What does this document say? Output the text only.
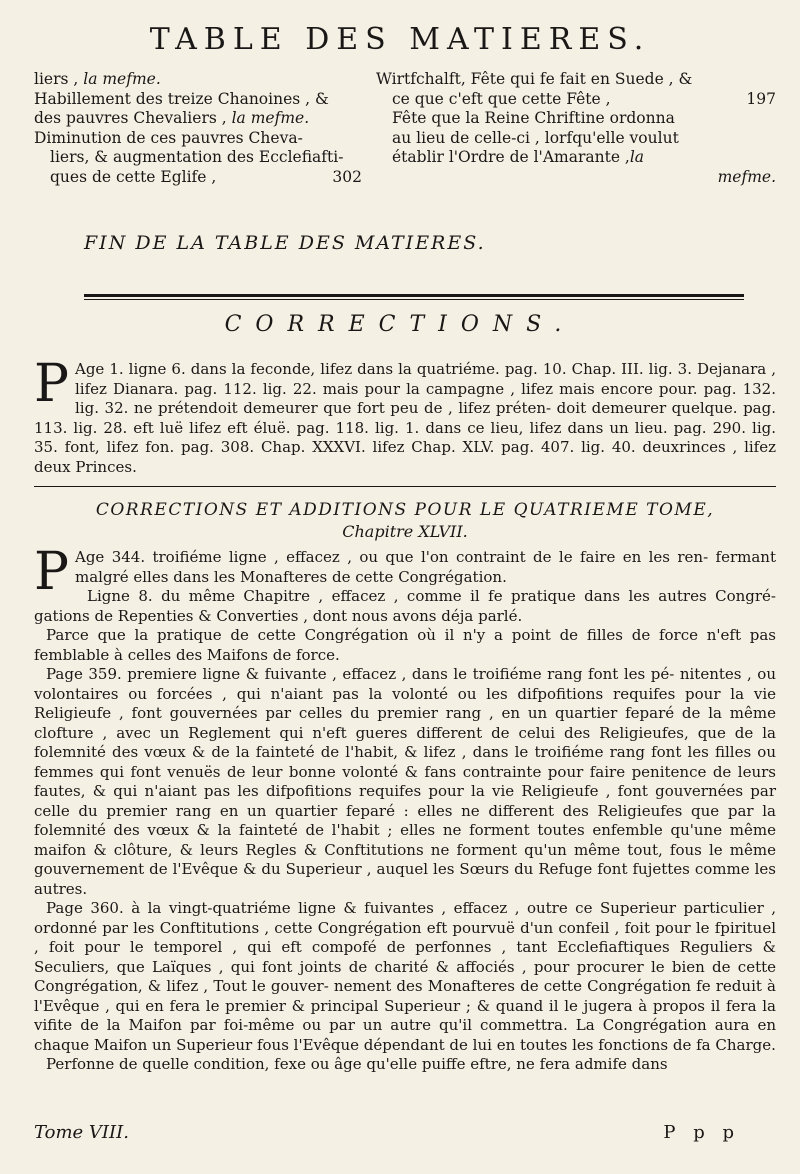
TABLE DES MATIERES.
liers , la mefme.
Habillement des treize Chanoines , &
des pauvres Chevaliers , la mefme.
Diminution de ces pauvres Cheva-
liers, & augmentation des Ecclefiafti-
302
ques de cette Eglife ,
Wirtfchalft, Fête qui fe fait en Suede , &
197
ce que c'eft que cette Fête ,
Fête que la Reine Chriftine ordonna
au lieu de celle-ci , lorfqu'elle voulut
établir l'Ordre de l'Amarante ,la
mefme.
FIN DE LA TABLE DES MATIERES.
CORRECTIONS.

P Age 1. ligne 6. dans la feconde, lifez dans la quatriéme. pag. 10. Chap. III. lig. 3. Dejanara , lifez Dianara. pag. 112. lig. 22. mais pour la campagne , lifez mais encore pour. pag. 132. lig. 32. ne prétendoit demeurer que fort peu de , lifez préten- doit demeurer quelque. pag. 113. lig. 28. eft luë lifez eft éluë. pag. 118. lig. 1. dans ce lieu, lifez dans un lieu. pag. 290. lig. 35. font, lifez fon. pag. 308. Chap. XXXVI. lifez Chap. XLV. pag. 407. lig. 40. deuxrinces , lifez deux Princes.

CORRECTIONS ET ADDITIONS POUR LE QUATRIEME TOME,
Chapitre XLVII.

P Age 344. troifiéme ligne , effacez , ou que l'on contraint de le faire en les ren- fermant malgré elles dans les Monafteres de cette Congrégation.

Ligne 8. du même Chapitre , effacez , comme il fe pratique dans les autres Congré- gations de Repenties & Converties , dont nous avons déja parlé.

Parce que la pratique de cette Congrégation où il n'y a point de filles de force n'eft pas femblable à celles des Maifons de force.

Page 359. premiere ligne & fuivante , effacez , dans le troifiéme rang font les pé- nitentes , ou volontaires ou forcées , qui n'aiant pas la volonté ou les difpofitions requifes pour la vie Religieufe , font gouvernées par celles du premier rang , en un quartier feparé de la même clofture , avec un Reglement qui n'eft gueres different de celui des Religieufes, que de la folemnité des vœux & de la fainteté de l'habit, & lifez , dans le troifiéme rang font les filles ou femmes qui font venuës de leur bonne volonté & fans contrainte pour faire penitence de leurs fautes, & qui n'aiant pas les difpofitions requifes pour la vie Religieufe , font gouvernées par celle du premier rang en un quartier feparé : elles ne different des Religieufes que par la folemnité des vœux & la fainteté de l'habit ; elles ne forment toutes enfemble qu'une même maifon & clôture, & leurs Regles & Conftitutions ne forment qu'un même tout, fous le même gouvernement de l'Evêque & du Superieur , auquel les Sœurs du Refuge font fujettes comme les autres.

Page 360. à la vingt-quatriéme ligne & fuivantes , effacez , outre ce Superieur particulier , ordonné par les Conftitutions , cette Congrégation eft pourvuë d'un confeil , foit pour le fpirituel , foit pour le temporel , qui eft compofé de perfonnes , tant Ecclefiaftiques Reguliers & Seculiers, que Laïques , qui font joints de charité & affociés , pour procurer le bien de cette Congrégation, & lifez , Tout le gouver- nement des Monafteres de cette Congrégation fe reduit à l'Evêque , qui en fera le premier & principal Superieur ; & quand il le jugera à propos il fera la vifite de la Maifon par foi-même ou par un autre qu'il commettra. La Congrégation aura en chaque Maifon un Superieur fous l'Evêque dépendant de lui en toutes les fonctions de fa Charge.

Perfonne de quelle condition, fexe ou âge qu'elle puiffe eftre, ne fera admife dans

Tome VIII.	P p p
